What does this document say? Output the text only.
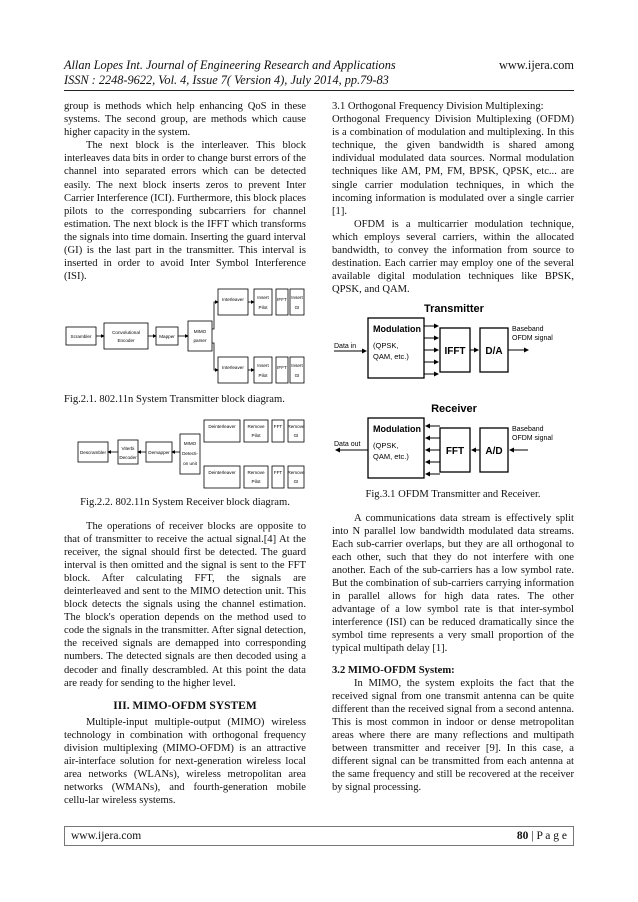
Allan Lopes Int. Journal of Engineering Research and Applications
ISSN : 2248-9622, Vol. 4, Issue 7( Version 4), July 2014, pp.79-83
www.ijera.com

group is methods which help enhancing QoS in these systems. The second group, are methods which cause higher capacity in the system.

The next block is the interleaver. This block interleaves data bits in order to change burst errors of the channel into separated errors which can be detected easily. The next block inserts zeros to prevent Inter Carrier Interference (ICI). Furthermore, this block places pilots to the corresponding subcarriers for channel estimation. The next block is the IFFT which transforms the signals into time domain. Inserting the guard interval (GI) is the last part in the transmitter. This interval is inserted in order to avoid Inter Symbol Interference (ISI).

Scrambler
Convolutional
Encoder
Mapper
MIMO
parser
Interleaver	Insert
Pilot
IFFT Insert
GI
Interleaver	Insert
Pilot
IFFT Insert
GI

Fig.2.1. 802.11n System Transmitter block diagram.

Descrambler
Viterbi
Decoder
Demapper
MIMO
Detecti-
on unit
Deinterleaver	Remove
Pilot
FFT Remove
GI
Deinterleaver	Remove
Pilot
FFT Remove
GI

Fig.2.2. 802.11n System Receiver block diagram.

The operations of receiver blocks are opposite to that of transmitter to receive the actual signal.[4] At the receiver, the signal should first be detected. The guard interval is then omitted and the signal is sent to the FFT block. After calculating FFT, the signals are deinterleaved and sent to the MIMO detection unit. This block detects the signals using the channel estimation. The block's operation depends on the method used to code the signals in the transmitter. After signal detection, the received signals are demapped into corresponding numbers. The detected signals are then decoded using a decoder and finally descrambled. At this point the data are ready for sending to the higher level.

III. MIMO-OFDM SYSTEM

Multiple-input multiple-output (MIMO) wireless technology in combination with orthogonal frequency division multiplexing (MIMO-OFDM) is an attractive air-interface solution for next-generation wireless local area networks (WLANs), wireless metropolitan area networks (WMANs), and fourth-generation mobile cellu-lar wireless systems.

3.1 Orthogonal Frequency Division Multiplexing:

Orthogonal Frequency Division Multiplexing (OFDM) is a combination of modulation and multiplexing. In this technique, the given bandwidth is shared among individual modulated data sources. Normal modulation techniques like AM, PM, FM, BPSK, QPSK, etc... are single carrier modulation techniques, in which the incoming information is modulated over a single carrier [1].

OFDM is a multicarrier modulation technique, which employs several carriers, within the allocated bandwidth, to convey the information from source to destination. Each carrier may employ one of the several available digital modulation techniques like BPSK, QPSK, and QAM.

Transmitter
Data in
Modulation
(QPSK,
QAM, etc.)	IFFT D/A
Baseband
OFDM signal
Receiver
Data out
Modulation
(QPSK,
QAM, etc.)	FFT A/D
Baseband
OFDM signal

Fig.3.1 OFDM Transmitter and Receiver.

A communications data stream is effectively split into N parallel low bandwidth modulated data streams. Each sub-carrier overlaps, but they are all orthogonal to each other, such that they do not interfere with one another. Each of the sub-carriers has a low symbol rate. But the combination of sub-carriers carrying information in parallel allows for high data rates. The other advantage of a low symbol rate is that inter-symbol interference (ISI) can be reduced dramatically since the symbol time represents a very small proportion of the typical multipath delay [1].

3.2 MIMO-OFDM System:

In MIMO, the system exploits the fact that the received signal from one transmit antenna can be quite different than the received signal from a second antenna. This is most common in indoor or dense metropolitan areas where there are many reflections and multipath between transmitter and receiver [9]. In this case, a different signal can be transmitted from each antenna at the same frequency and still be recovered at the receiver by signal processing.

www.ijera.com	80 | P a g e
